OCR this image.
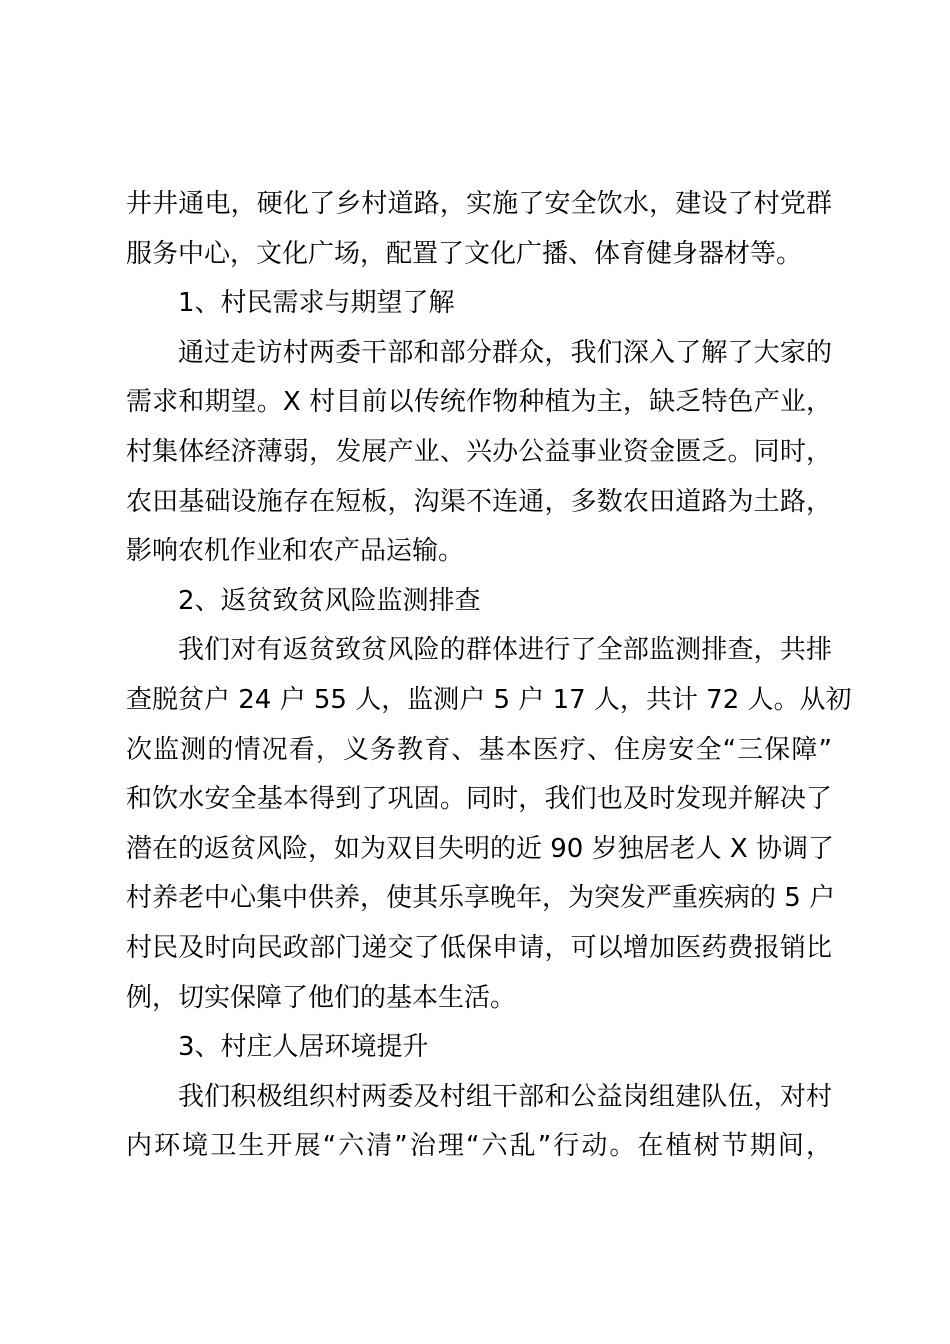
井井通电，硬化了乡村道路，实施了安全饮水，建设了村党群

服务中心，文化广场，配置了文化广播、体育健身器材等。

1、村民需求与期望了解

通过走访村两委干部和部分群众，我们深入了解了大家的

需求和期望。X 村目前以传统作物种植为主，缺乏特色产业，

村集体经济薄弱，发展产业、兴办公益事业资金匮乏。同时，

农田基础设施存在短板，沟渠不连通，多数农田道路为土路，

影响农机作业和农产品运输。

2、返贫致贫风险监测排查

我们对有返贫致贫风险的群体进行了全部监测排查，共排

查脱贫户 24 户 55 人，监测户 5 户 17 人，共计 72 人。从初

次监测的情况看，义务教育、基本医疗、住房安全“三保障”

和饮水安全基本得到了巩固。同时，我们也及时发现并解决了

潜在的返贫风险，如为双目失明的近 90 岁独居老人 X 协调了

村养老中心集中供养，使其乐享晚年，为突发严重疾病的 5 户

村民及时向民政部门递交了低保申请，可以增加医药费报销比

例，切实保障了他们的基本生活。

3、村庄人居环境提升

我们积极组织村两委及村组干部和公益岗组建队伍，对村

内环境卫生开展“六清”治理“六乱”行动。在植树节期间，
